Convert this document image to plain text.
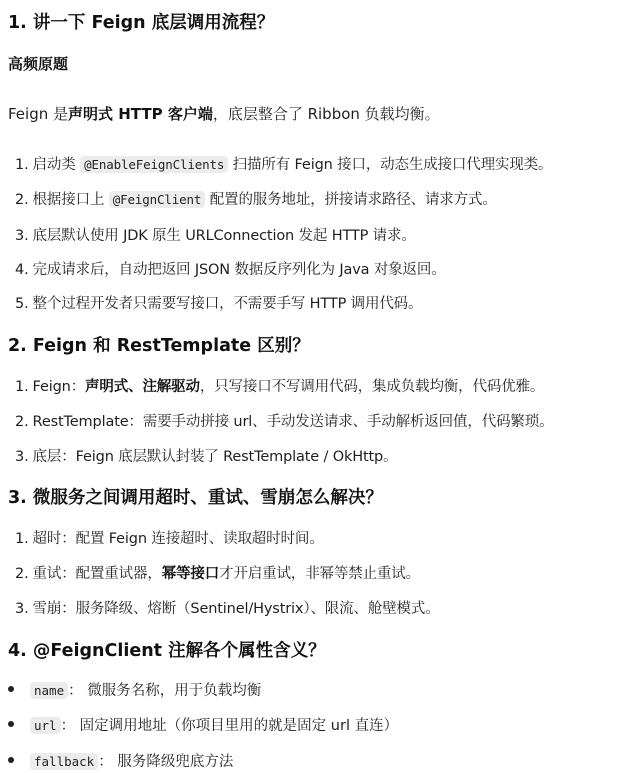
1. 讲一下 Feign 底层调用流程？
高频原题
Feign 是声明式 HTTP 客户端，底层整合了 Ribbon 负载均衡。
1. 启动类 @EnableFeignClients 扫描所有 Feign 接口，动态生成接口代理实现类。
2. 根据接口上 @FeignClient 配置的服务地址，拼接请求路径、请求方式。
3. 底层默认使用 JDK 原生 URLConnection 发起 HTTP 请求。
4. 完成请求后，自动把返回 JSON 数据反序列化为 Java 对象返回。
5. 整个过程开发者只需要写接口，不需要手写 HTTP 调用代码。
2. Feign 和 RestTemplate 区别？
1. Feign：声明式、注解驱动，只写接口不写调用代码，集成负载均衡，代码优雅。
2. RestTemplate：需要手动拼接 url、手动发送请求、手动解析返回值，代码繁琐。
3. 底层：Feign 底层默认封装了 RestTemplate / OkHttp。
3. 微服务之间调用超时、重试、雪崩怎么解决？
1. 超时：配置 Feign 连接超时、读取超时时间。
2. 重试：配置重试器，幂等接口才开启重试，非幂等禁止重试。
3. 雪崩：服务降级、熔断（Sentinel/Hystrix）、限流、舱壁模式。
4. @FeignClient 注解各个属性含义？
name ： 微服务名称，用于负载均衡
url ： 固定调用地址（你项目里用的就是固定 url 直连）
fallback ： 服务降级兜底方法
